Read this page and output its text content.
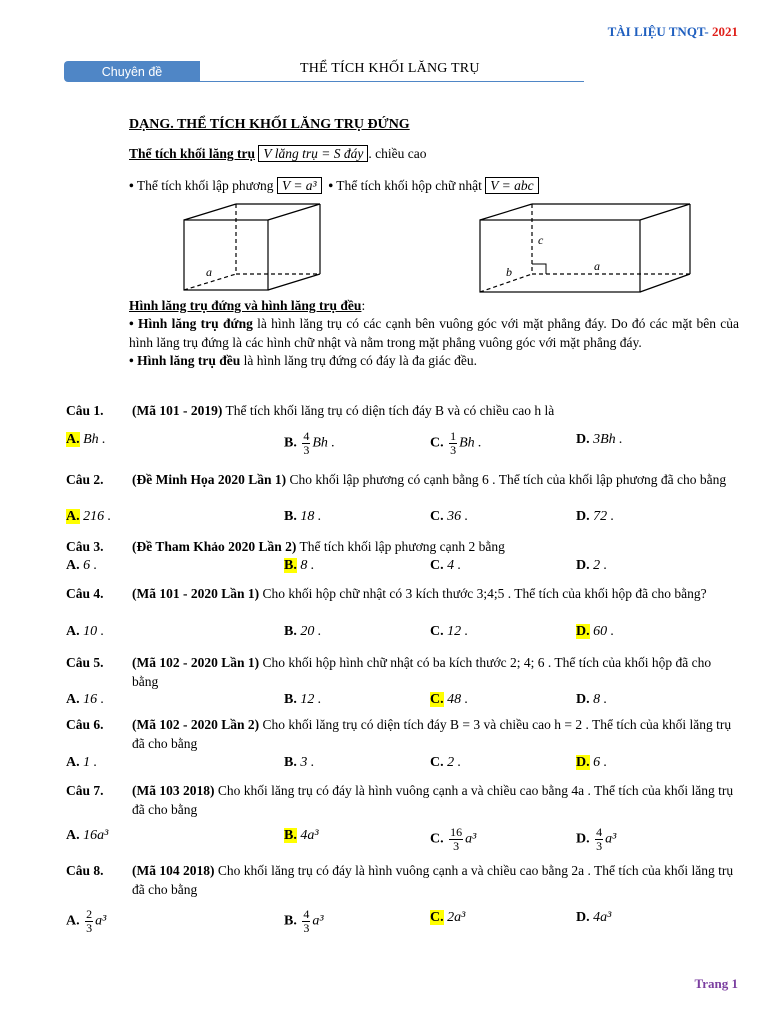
TÀI LIỆU TNQT- 2021
Chuyên đề	THỂ TÍCH KHỐI LĂNG TRỤ
DẠNG. THỂ TÍCH KHỐI LĂNG TRỤ ĐỨNG
Thể tích khối lăng trụ V lăng trụ = S đáy . chiều cao
• Thể tích khối lập phương V = a³ • Thể tích khối hộp chữ nhật V = abc
a
c
a
b
Hình lăng trụ đứng và hình lăng trụ đều:
• Hình lăng trụ đứng là hình lăng trụ có các cạnh bên vuông góc với mặt phẳng đáy. Do đó các mặt bên của hình lăng trụ đứng là các hình chữ nhật và nằm trong mặt phẳng vuông góc với mặt phẳng đáy.
• Hình lăng trụ đều là hình lăng trụ đứng có đáy là đa giác đều.
Câu 1. (Mã 101 - 2019) Thể tích khối lăng trụ có diện tích đáy B và có chiều cao h là
A. Bh .	B. $\frac{4}{3}$ Bh .	C. $\frac{1}{3}$ Bh .	D. 3Bh .
Câu 2. (Đề Minh Họa 2020 Lần 1) Cho khối lập phương có cạnh bằng 6 . Thể tích của khối lập phương đã cho bằng
A. 216 .	B. 18 .	C. 36 .	D. 72 .
Câu 3. (Đề Tham Khảo 2020 Lần 2) Thể tích khối lập phương cạnh 2 bằng
A. 6 .	B. 8 .	C. 4 .	D. 2 .
Câu 4. (Mã 101 - 2020 Lần 1) Cho khối hộp chữ nhật có 3 kích thước 3;4;5 . Thể tích của khối hộp đã cho bằng?
A. 10 .	B. 20 .	C. 12 .	D. 60 .
Câu 5. (Mã 102 - 2020 Lần 1) Cho khối hộp hình chữ nhật có ba kích thước 2; 4; 6 . Thể tích của khối hộp đã cho bằng
A. 16 .	B. 12 .	C. 48 .	D. 8 .
Câu 6. (Mã 102 - 2020 Lần 2) Cho khối lăng trụ có diện tích đáy B = 3 và chiều cao h = 2 . Thể tích của khối lăng trụ đã cho bằng
A. 1 .	B. 3 .	C. 2 .	D. 6 .
Câu 7. (Mã 103 2018) Cho khối lăng trụ có đáy là hình vuông cạnh a và chiều cao bằng 4a . Thể tích của khối lăng trụ đã cho bằng
A. 16a³	B. 4a³	C. $\frac{16}{3} a^3$	D. $\frac{4}{3} a^3$
Câu 8. (Mã 104 2018) Cho khối lăng trụ có đáy là hình vuông cạnh a và chiều cao bằng 2a . Thể tích của khối lăng trụ đã cho bằng
A. $\frac{2}{3} a^3$	B. $\frac{4}{3} a^3$	C. 2a³	D. 4a³
Trang 1
